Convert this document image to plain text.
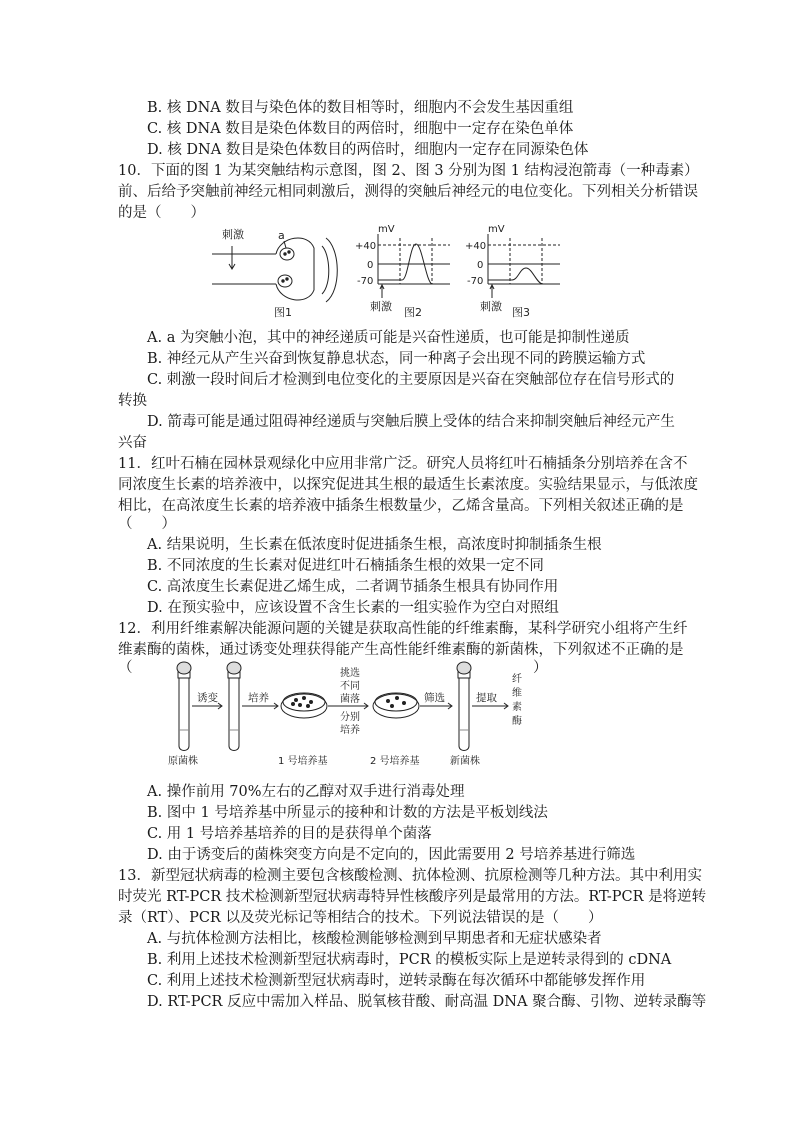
B. 核 DNA 数目与染色体的数目相等时，细胞内不会发生基因重组
C. 核 DNA 数目是染色体数目的两倍时，细胞中一定存在染色单体
D. 核 DNA 数目是染色体数目的两倍时，细胞内一定存在同源染色体
10．下面的图 1 为某突触结构示意图，图 2、图 3 分别为图 1 结构浸泡箭毒（一种毒素）
前、后给予突触前神经元相同刺激后，测得的突触后神经元的电位变化。下列相关分析错误
的是（　　）
刺激	a
图1
mV
+40
0
-70
刺激 图2
mV
+40
0
-70
刺激 图3
A. a 为突触小泡，其中的神经递质可能是兴奋性递质，也可能是抑制性递质
B. 神经元从产生兴奋到恢复静息状态，同一种离子会出现不同的跨膜运输方式
C. 刺激一段时间后才检测到电位变化的主要原因是兴奋在突触部位存在信号形式的
转换
D. 箭毒可能是通过阻碍神经递质与突触后膜上受体的结合来抑制突触后神经元产生
兴奋
11．红叶石楠在园林景观绿化中应用非常广泛。研究人员将红叶石楠插条分别培养在含不
同浓度生长素的培养液中，以探究促进其生根的最适生长素浓度。实验结果显示，与低浓度
相比，在高浓度生长素的培养液中插条生根数量少，乙烯含量高。下列相关叙述正确的是
（　　）
A. 结果说明，生长素在低浓度时促进插条生根，高浓度时抑制插条生根
B. 不同浓度的生长素对促进红叶石楠插条生根的效果一定不同
C. 高浓度生长素促进乙烯生成，二者调节插条生根具有协同作用
D. 在预实验中，应该设置不含生长素的一组实验作为空白对照组
12．利用纤维素解决能源问题的关键是获取高性能的纤维素酶，某科学研究小组将产生纤
维素酶的菌株，通过诱变处理获得能产生高性能纤维素酶的新菌株，下列叙述不正确的是
（	）
诱变	培养
挑选
不同
菌落
分别
培养
筛选	提取
纤
维
素
酶
原菌株	1 号培养基	2 号培养基	新菌株
A. 操作前用 70%左右的乙醇对双手进行消毒处理
B. 图中 1 号培养基中所显示的接种和计数的方法是平板划线法
C. 用 1 号培养基培养的目的是获得单个菌落
D. 由于诱变后的菌株突变方向是不定向的，因此需要用 2 号培养基进行筛选
13．新型冠状病毒的检测主要包含核酸检测、抗体检测、抗原检测等几种方法。其中利用实
时荧光 RT-PCR 技术检测新型冠状病毒特异性核酸序列是最常用的方法。RT-PCR 是将逆转
录（RT）、PCR 以及荧光标记等相结合的技术。下列说法错误的是（　　）
A. 与抗体检测方法相比，核酸检测能够检测到早期患者和无症状感染者
B. 利用上述技术检测新型冠状病毒时，PCR 的模板实际上是逆转录得到的 cDNA
C. 利用上述技术检测新型冠状病毒时，逆转录酶在每次循环中都能够发挥作用
D. RT-PCR 反应中需加入样品、脱氧核苷酸、耐高温 DNA 聚合酶、引物、逆转录酶等
